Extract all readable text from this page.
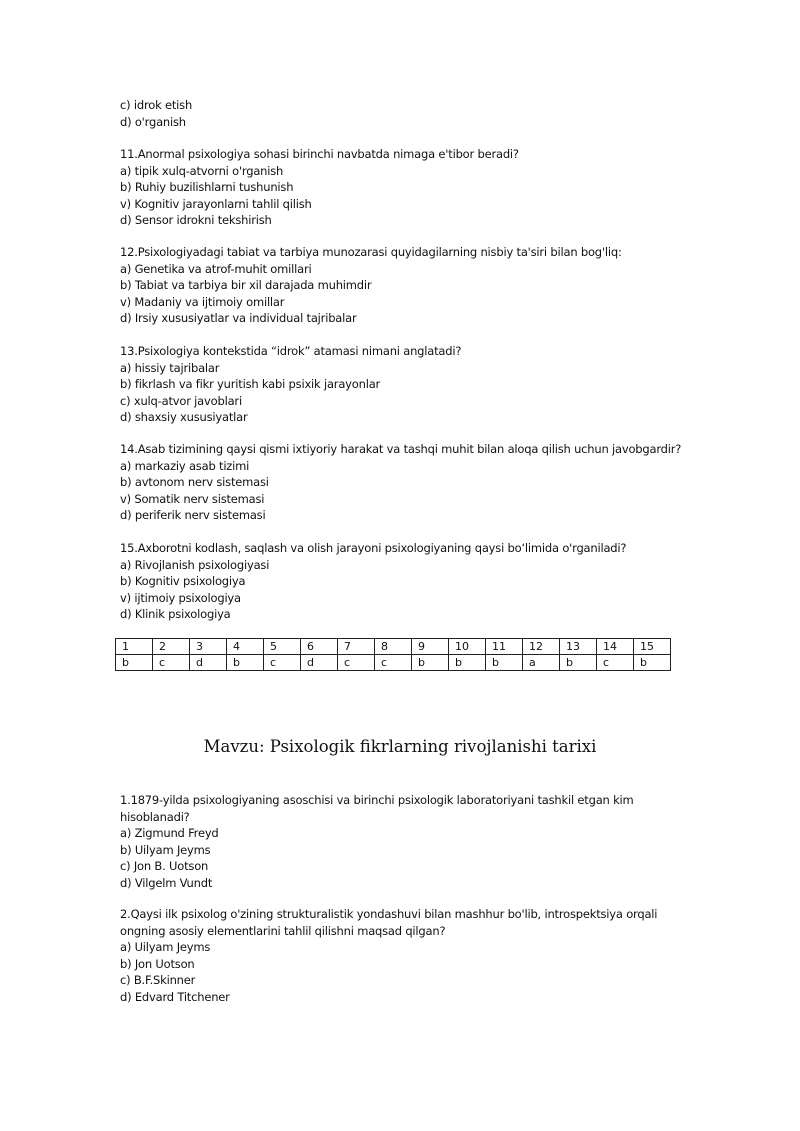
c) idrok etish
d) o'rganish
11.Anormal psixologiya sohasi birinchi navbatda nimaga e'tibor beradi?
a) tipik xulq-atvorni o'rganish
b) Ruhiy buzilishlarni tushunish
v) Kognitiv jarayonlarni tahlil qilish
d) Sensor idrokni tekshirish
12.Psixologiyadagi tabiat va tarbiya munozarasi quyidagilarning nisbiy ta'siri bilan bog'liq:
a) Genetika va atrof-muhit omillari
b) Tabiat va tarbiya bir xil darajada muhimdir
v) Madaniy va ijtimoiy omillar
d) Irsiy xususiyatlar va individual tajribalar
13.Psixologiya kontekstida “idrok” atamasi nimani anglatadi?
a) hissiy tajribalar
b) fikrlash va fikr yuritish kabi psixik jarayonlar
c) xulq-atvor javoblari
d) shaxsiy xususiyatlar
14.Asab tizimining qaysi qismi ixtiyoriy harakat va tashqi muhit bilan aloqa qilish uchun javobgardir?
a) markaziy asab tizimi
b) avtonom nerv sistemasi
v) Somatik nerv sistemasi
d) periferik nerv sistemasi
15.Axborotni kodlash, saqlash va olish jarayoni psixologiyaning qaysi bo‘limida o'rganiladi?
a) Rivojlanish psixologiyasi
b) Kognitiv psixologiya
v) ijtimoiy psixologiya
d) Klinik psixologiya
1	2	3	4	5	6	7	8	9	10	11	12	13	14	15
b	c	d	b	c	d	c	c	b	b	b	a	b	c	b
Mavzu: Psixologik fikrlarning rivojlanishi tarixi
1.1879-yilda psixologiyaning asoschisi va birinchi psixologik laboratoriyani tashkil etgan kim
hisoblanadi?
a) Zigmund Freyd
b) Uilyam Jeyms
c) Jon B. Uotson
d) Vilgelm Vundt
2.Qaysi ilk psixolog o'zining strukturalistik yondashuvi bilan mashhur bo'lib, introspektsiya orqali
ongning asosiy elementlarini tahlil qilishni maqsad qilgan?
a) Uilyam Jeyms
b) Jon Uotson
c) B.F.Skinner
d) Edvard Titchener
